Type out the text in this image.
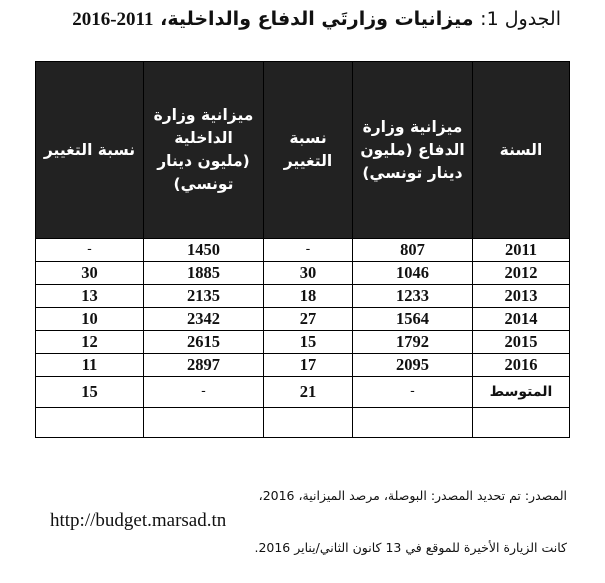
الجدول 1: ميزانيات وزارتَي الدفاع والداخلية، 2011-2016
السنة	ميزانية وزارة الدفاع (مليون دينار تونسي)	نسبة التغيير	ميزانية وزارة الداخلية (مليون دينار تونسي)	نسبة التغيير
2011	807	-	1450	-
2012	1046	30	1885	30
2013	1233	18	2135	13
2014	1564	27	2342	10
2015	1792	15	2615	12
2016	2095	17	2897	11
المتوسط	-	21	-	15

المصدر: تم تحديد المصدر: البوصلة، مرصد الميزانية، 2016،
http://budget.marsad.tn
كانت الزيارة الأخيرة للموقع في 13 كانون الثاني/يناير 2016.
